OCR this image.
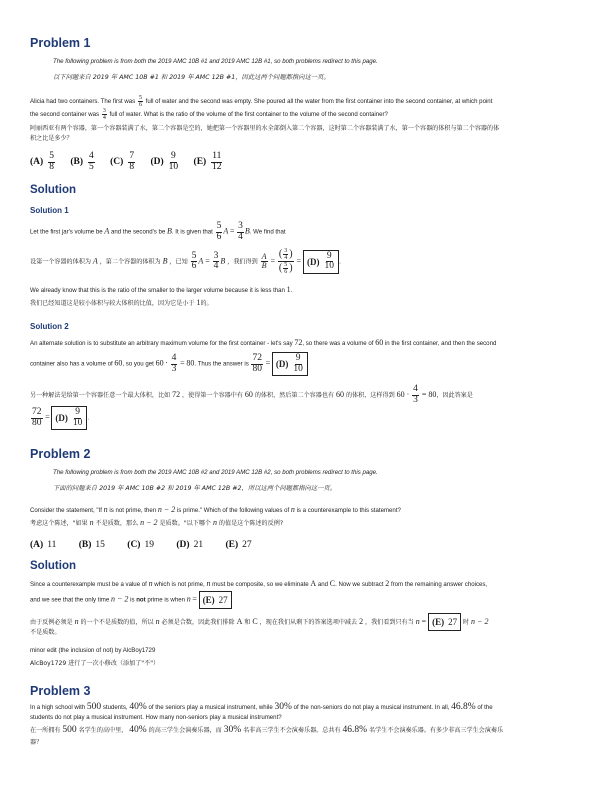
Problem 1
The following problem is from both the 2019 AMC 10B #1 and 2019 AMC 12B #1, so both problems redirect to this page.
以下问题来自 2019 年 AMC 10B #1 和 2019 年 AMC 12B #1，因此这两个问题都指向这一页。
Alicia had two containers. The first was $\frac{5}{6}$ full of water and the second was empty. She poured all the water from the first container into the second container, at which point
the second container was $\frac{3}{4}$ full of water. What is the ratio of the volume of the first container to the volume of the second container?
阿丽西亚有两个容器，第一个容器装满了水，第二个容器是空的，她把第一个容器里的水全部倒入第二个容器，这时第二个容器装满了水，第一个容器的体积与第二个容器的体
积之比是多少？
$(A) \frac{5}{8}$
$(B) \frac{4}{5}$
$(C) \frac{7}{8}$
$(D) \frac{9}{10}$
$(E) \frac{11}{12}$
Solution
Solution 1
Let the first jar's volume be A and the second's be B. It is given that $\frac{5}{6}$ $A = \frac{3}{4} B$. We find that
设第一个容器的体积为 A ，第二个容器的体积为 B ，已知 $\frac{5}{6}$ $A = \frac{3}{4}$ B ，我们得到 $\frac{A}{B} = \frac{( \frac{3}{4} )}{( \frac{5}{6} )} = (D) \frac{9}{10}$ .
We already know that this is the ratio of the smaller to the larger volume because it is less than 1.
我们已经知道这是较小体积与较大体积的比值，因为它是小于 1的。
Solution 2
An alternate solution is to substitute an arbitrary maximum volume for the first container - let's say 72, so there was a volume of 60 in the first container, and then the second
container also has a volume of 60, so you get $60 \cdot \frac{4}{3} = 80$. Thus the answer is $\frac{72}{80} = (D) \frac{9}{10}$
另一种解法是给第一个容器任意一个最大体积，比如 72 ，使得第一个容器中有 60 的体积，然后第二个容器也有 60 的体积，这样得到 $60 \cdot \frac{4}{3} = 80$，因此答案是
$\frac{72}{80} = (D) \frac{9}{10}$ .
Problem 2
The following problem is from both the 2019 AMC 10B #2 and 2019 AMC 12B #2, so both problems redirect to this page.
下面的问题来自 2019 年 AMC 10B #2 和 2019 年 AMC 12B #2，所以这两个问题都指向这一页。
Consider the statement, "If n is not prime, then n − 2 is prime." Which of the following values of n is a counterexample to this statement?
考虑这个陈述，"如果 n 不是质数，那么 n − 2 是质数。"以下哪个 n 的值是这个陈述的反例?
(A) 11
(B) 15
(C) 19
(D) 21
(E) 27
Solution
Since a counterexample must be a value of n which is not prime, n must be composite, so we eliminate A and C. Now we subtract 2 from the remaining answer choices,
and we see that the only time n − 2 is not prime is when n = (E) 27
由于反例必须是 n 的一个不是质数的值，所以 n 必须是合数，因此我们排除 A 和 C ，现在我们从剩下的答案选项中减去 2 ，我们看到只有当 n = (E) 27 时 n − 2
不是质数。
minor edit (the inclusion of not) by AlcBoy1729
AlcBoy1729 进行了一次小修改（添加了"不"）
Problem 3
In a high school with 500 students, 40% of the seniors play a musical instrument, while 30% of the non-seniors do not play a musical instrument. In all, 46.8% of the
students do not play a musical instrument. How many non-seniors play a musical instrument?
在一所拥有 500 名学生的高中里， 40% 的高三学生会演奏乐器，而 30% 名非高三学生不会演奏乐器。总共有 46.8% 名学生不会演奏乐器。有多少非高三学生会演奏乐
器？
